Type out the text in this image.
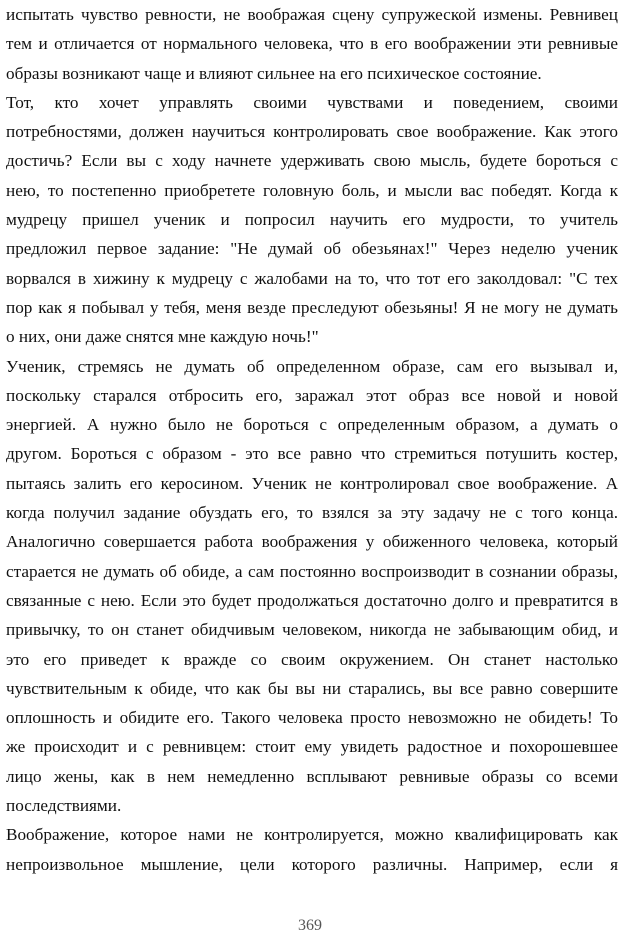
испытать чувство ревности, не воображая сцену супружеской измены. Ревнивец
тем и отличается от нормального человека, что в его воображении эти ревнивые
образы возникают чаще и влияют сильнее на его психическое состояние.
Тот, кто хочет управлять своими чувствами и поведением, своими
потребностями, должен научиться контролировать свое воображение. Как этого
достичь? Если вы с ходу начнете удерживать свою мысль, будете бороться с
нею, то постепенно приобретете головную боль, и мысли вас победят. Когда к
мудрецу пришел ученик и попросил научить его мудрости, то учитель
предложил первое задание: "Не думай об обезьянах!" Через неделю ученик
ворвался в хижину к мудрецу с жалобами на то, что тот его заколдовал: "С тех
пор как я побывал у тебя, меня везде преследуют обезьяны! Я не могу не думать
о них, они даже снятся мне каждую ночь!"
Ученик, стремясь не думать об определенном образе, сам его вызывал и,
поскольку старался отбросить его, заражал этот образ все новой и новой
энергией. А нужно было не бороться с определенным образом, а думать о
другом. Бороться с образом - это все равно что стремиться потушить костер,
пытаясь залить его керосином. Ученик не контролировал свое воображение. А
когда получил задание обуздать его, то взялся за эту задачу не с того конца.
Аналогично совершается работа воображения у обиженного человека, который
старается не думать об обиде, а сам постоянно воспроизводит в сознании образы,
связанные с нею. Если это будет продолжаться достаточно долго и превратится в
привычку, то он станет обидчивым человеком, никогда не забывающим обид, и
это его приведет к вражде со своим окружением. Он станет настолько
чувствительным к обиде, что как бы вы ни старались, вы все равно совершите
оплошность и обидите его. Такого человека просто невозможно не обидеть! То
же происходит и с ревнивцем: стоит ему увидеть радостное и похорошевшее
лицо жены, как в нем немедленно всплывают ревнивые образы со всеми
последствиями.
Воображение, которое нами не контролируется, можно квалифицировать как
непроизвольное мышление, цели которого различны. Например, если я
369
